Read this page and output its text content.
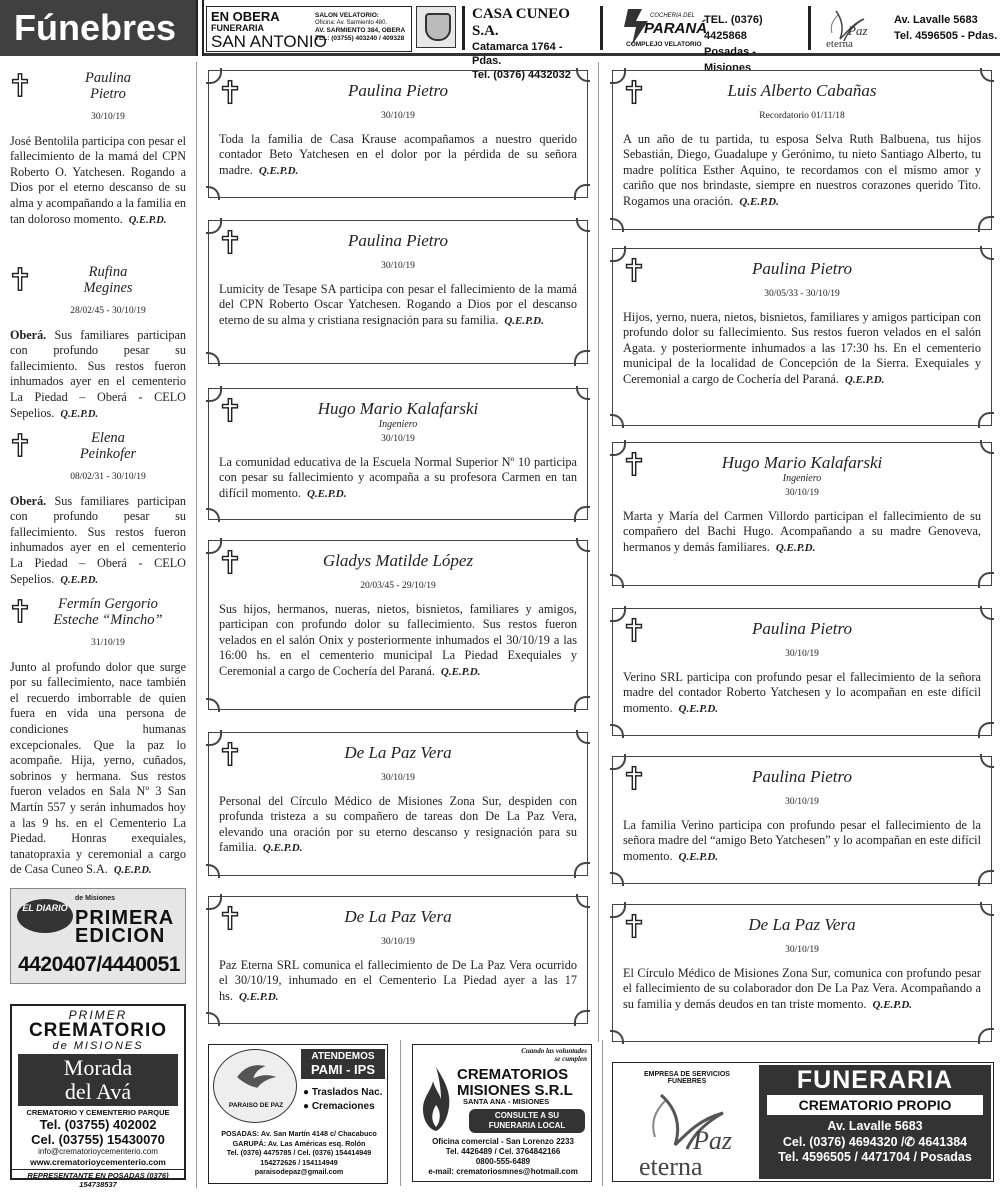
Fúnebres	EN OBERA
FUNERARIA
SAN ANTONIO
SALON VELATORIO:
Oficina: Av. Sarmiento 480.
AV. SARMIENTO 384, OBERA
TEL: (03755) 403240 / 409328
CASA CUNEO S.A.
Catamarca 1764 - Pdas.
Tel. (0376) 4432032
COCHERIA DEL
PARANÁ
COMPLEJO VELATORIO
TEL. (0376) 4425868
Posadas - Misiones
Paz
eterna
Av. Lavalle 5683
Tel. 4596505 - Pdas.
Paulina
Pietro
30/10/19
José Bentolila participa con pesar el fallecimiento de la mamá del CPN Roberto O. Yatchesen. Rogando a Dios por el eterno descanso de su alma y acompañando a la familia en tan doloroso momento. Q.E.P.D.
Rufina
Megines
28/02/45 - 30/10/19
Oberá. Sus familiares participan con profundo pesar su fallecimiento. Sus restos fueron inhumados ayer en el cementerio La Piedad – Oberá - CELO Sepelios. Q.E.P.D.
Elena
Peinkofer
08/02/31 - 30/10/19
Oberá. Sus familiares participan con profundo pesar su fallecimiento. Sus restos fueron inhumados ayer en el cementerio La Piedad – Oberá - CELO Sepelios. Q.E.P.D.
Fermín Gergorio
Esteche “Mincho”
31/10/19
Junto al profundo dolor que surge por su fallecimiento, nace también el recuerdo imborrable de quien fuera en vida una persona de condiciones humanas excepcionales. Que la paz lo acompañe. Hija, yerno, cuñados, sobrinos y hermana. Sus restos fueron velados en Sala Nº 3 San Martín 557 y serán inhumados hoy a las 9 hs. en el Cementerio La Piedad. Honras exequiales, tanatopraxia y ceremonial a cargo de Casa Cuneo S.A. Q.E.P.D.
Paulina Pietro
30/10/19
Toda la familia de Casa Krause acompañamos a nuestro querido contador Beto Yatchesen en el dolor por la pérdida de su señora madre. Q.E.P.D.
Paulina Pietro
30/10/19
Lumicity de Tesape SA participa con pesar el fallecimiento de la mamá del CPN Roberto Oscar Yatchesen. Rogando a Dios por el descanso eterno de su alma y cristiana resignación para su familia. Q.E.P.D.
Hugo Mario Kalafarski
Ingeniero
30/10/19
La comunidad educativa de la Escuela Normal Superior Nº 10 participa con pesar su fallecimiento y acompaña a su profesora Carmen en tan difícil momento. Q.E.P.D.
Gladys Matilde López
20/03/45 - 29/10/19
Sus hijos, hermanos, nueras, nietos, bisnietos, familiares y amigos, participan con profundo dolor su fallecimiento. Sus restos fueron velados en el salón Onix y posteriormente inhumados el 30/10/19 a las 16:00 hs. en el cementerio municipal La Piedad Exequiales y Ceremonial a cargo de Cochería del Paraná. Q.E.P.D.
De La Paz Vera
30/10/19
Personal del Círculo Médico de Misiones Zona Sur, despiden con profunda tristeza a su compañero de tareas don De La Paz Vera, elevando una oración por su eterno descanso y resignación para su familia. Q.E.P.D.
De La Paz Vera
30/10/19
Paz Eterna SRL comunica el fallecimiento de De La Paz Vera ocurrido el 30/10/19, inhumado en el Cementerio La Piedad ayer a las 17 hs. Q.E.P.D.
Luis Alberto Cabañas
Recordatorio 01/11/18
A un año de tu partida, tu esposa Selva Ruth Balbuena, tus hijos Sebastián, Diego, Guadalupe y Gerónimo, tu nieto Santiago Alberto, tu madre política Esther Aquino, te recordamos con el mismo amor y cariño que nos brindaste, siempre en nuestros corazones querido Tito. Rogamos una oración. Q.E.P.D.
Paulina Pietro
30/05/33 - 30/10/19
Hijos, yerno, nuera, nietos, bisnietos, familiares y amigos participan con profundo dolor su fallecimiento. Sus restos fueron velados en el salón Agata. y posteriormente inhumados a las 17:30 hs. En el cementerio municipal de la localidad de Concepción de la Sierra. Exequiales y Ceremonial a cargo de Cochería del Paraná. Q.E.P.D.
Hugo Mario Kalafarski
Ingeniero
30/10/19
Marta y María del Carmen Villordo participan el fallecimiento de su compañero del Bachi Hugo. Acompañando a su madre Genoveva, hermanos y demás familiares. Q.E.P.D.
Paulina Pietro
30/10/19
Verino SRL participa con profundo pesar el fallecimiento de la señora madre del contador Roberto Yatchesen y lo acompañan en este difícil momento. Q.E.P.D.
Paulina Pietro
30/10/19
La familia Verino participa con profundo pesar el fallecimiento de la señora madre del “amigo Beto Yatchesen” y lo acompañan en este difícil momento. Q.E.P.D.
De La Paz Vera
30/10/19
El Círculo Médico de Misiones Zona Sur, comunica con profundo pesar el fallecimiento de su colaborador don De La Paz Vera. Acompañando a su familia y demás deudos en tan triste momento. Q.E.P.D.
EL DIARIO
de Misiones
PRIMERA
EDICION
4420407/4440051
PRIMER
CREMATORIO
de MISIONES
Morada
del Avá
CREMATORIO Y CEMENTERIO PARQUE
Tel. (03755) 402002
Cel. (03755) 15430070
info@crematorioycementerio.com
www.crematorioycementerio.com
REPRESENTANTE EN POSADAS (0376) 154738537
PARAISO DE PAZ
ATENDEMOS
PAMI - IPS
● Traslados Nac.
● Cremaciones
POSADAS: Av. San Martín 4148 c/ Chacabuco
GARUPÁ: Av. Las Américas esq. Rolón
Tel. (0376) 4475785 / Cel. (0376) 154414949
154272626 / 154114949
paraisodepaz@gmail.com
Cuando las voluntades
se cumplen
CREMATORIOS
MISIONES S.R.L
SANTA ANA - MISIONES
CONSULTE A SU
FUNERARIA LOCAL
Oficina comercial - San Lorenzo 2233
Tel. 4426489 / Cel. 3764842166
0800-555-6489
e-mail: crematoriosmnes@hotmail.com
EMPRESA DE SERVICIOS FUNEBRES
Paz
eterna
FUNERARIA
CREMATORIO PROPIO
Av. Lavalle 5683
Cel. (0376) 4694320 /✆ 4641384
Tel. 4596505 / 4471704 / Posadas
